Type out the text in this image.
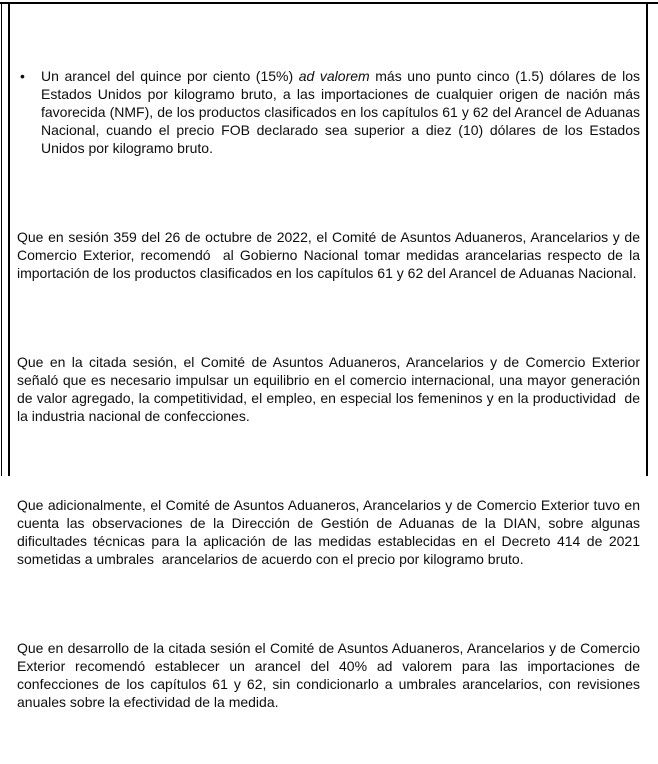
•	Un arancel del quince por ciento (15%) ad valorem más uno punto cinco (1.5) dólares de los Estados Unidos por kilogramo bruto, a las importaciones de cualquier origen de nación más favorecida (NMF), de los productos clasificados en los capítulos 61 y 62 del Arancel de Aduanas Nacional, cuando el precio FOB declarado sea superior a diez (10) dólares de los Estados Unidos por kilogramo bruto.

Que en sesión 359 del 26 de octubre de 2022, el Comité de Asuntos Aduaneros, Arancelarios y de Comercio Exterior, recomendó  al Gobierno Nacional tomar medidas arancelarias respecto de la importación de los productos clasificados en los capítulos 61 y 62 del Arancel de Aduanas Nacional.

Que en la citada sesión, el Comité de Asuntos Aduaneros, Arancelarios y de Comercio Exterior señaló que es necesario impulsar un equilibrio en el comercio internacional, una mayor generación de valor agregado, la competitividad, el empleo, en especial los femeninos y en la productividad  de la industria nacional de confecciones.

Que adicionalmente, el Comité de Asuntos Aduaneros, Arancelarios y de Comercio Exterior tuvo en cuenta las observaciones de la Dirección de Gestión de Aduanas de la DIAN, sobre algunas dificultades técnicas para la aplicación de las medidas establecidas en el Decreto 414 de 2021 sometidas a umbrales  arancelarios de acuerdo con el precio por kilogramo bruto.

Que en desarrollo de la citada sesión el Comité de Asuntos Aduaneros, Arancelarios y de Comercio Exterior recomendó establecer un arancel del 40% ad valorem para las importaciones de confecciones de los capítulos 61 y 62, sin condicionarlo a umbrales arancelarios, con revisiones anuales sobre la efectividad de la medida.
